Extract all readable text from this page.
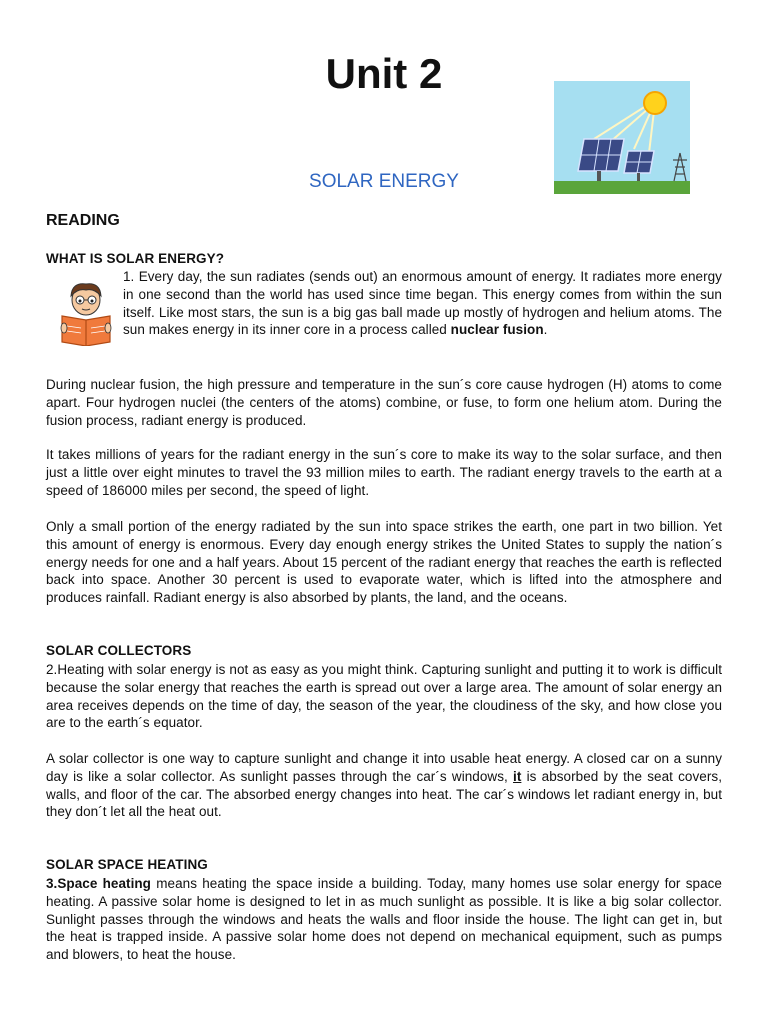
Unit 2
SOLAR ENERGY
READING
WHAT IS SOLAR ENERGY?

1. Every day, the sun radiates (sends out) an enormous amount of energy. It radiates more energy in one second than the world has used since time began. This energy comes from within the sun itself. Like most stars, the sun is a big gas ball made up mostly of hydrogen and helium atoms. The sun makes energy in its inner core in a process called nuclear fusion.

During nuclear fusion, the high pressure and temperature in the sun´s core cause hydrogen (H) atoms to come apart. Four hydrogen nuclei (the centers of the atoms) combine, or fuse, to form one helium atom. During the fusion process, radiant energy is produced.

It takes millions of years for the radiant energy in the sun´s core to make its way to the solar surface, and then just a little over eight minutes to travel the 93 million miles to earth. The radiant energy travels to the earth at a speed of 186000 miles per second, the speed of light.

Only a small portion of the energy radiated by the sun into space strikes the earth, one part in two billion. Yet this amount of energy is enormous. Every day enough energy strikes the United States to supply the nation´s energy needs for one and a half years. About 15 percent of the radiant energy that reaches the earth is reflected back into space. Another 30 percent is used to evaporate water, which is lifted into the atmosphere and produces rainfall. Radiant energy is also absorbed by plants, the land, and the oceans.

SOLAR COLLECTORS

2.Heating with solar energy is not as easy as you might think. Capturing sunlight and putting it to work is difficult because the solar energy that reaches the earth is spread out over a large area. The amount of solar energy an area receives depends on the time of day, the season of the year, the cloudiness of the sky, and how close you are to the earth´s equator.

A solar collector is one way to capture sunlight and change it into usable heat energy. A closed car on a sunny day is like a solar collector. As sunlight passes through the car´s windows, it is absorbed by the seat covers, walls, and floor of the car. The absorbed energy changes into heat. The car´s windows let radiant energy in, but they don´t let all the heat out.

SOLAR SPACE HEATING

3.Space heating means heating the space inside a building. Today, many homes use solar energy for space heating. A passive solar home is designed to let in as much sunlight as possible. It is like a big solar collector. Sunlight passes through the windows and heats the walls and floor inside the house. The light can get in, but the heat is trapped inside. A passive solar home does not depend on mechanical equipment, such as pumps and blowers, to heat the house.
